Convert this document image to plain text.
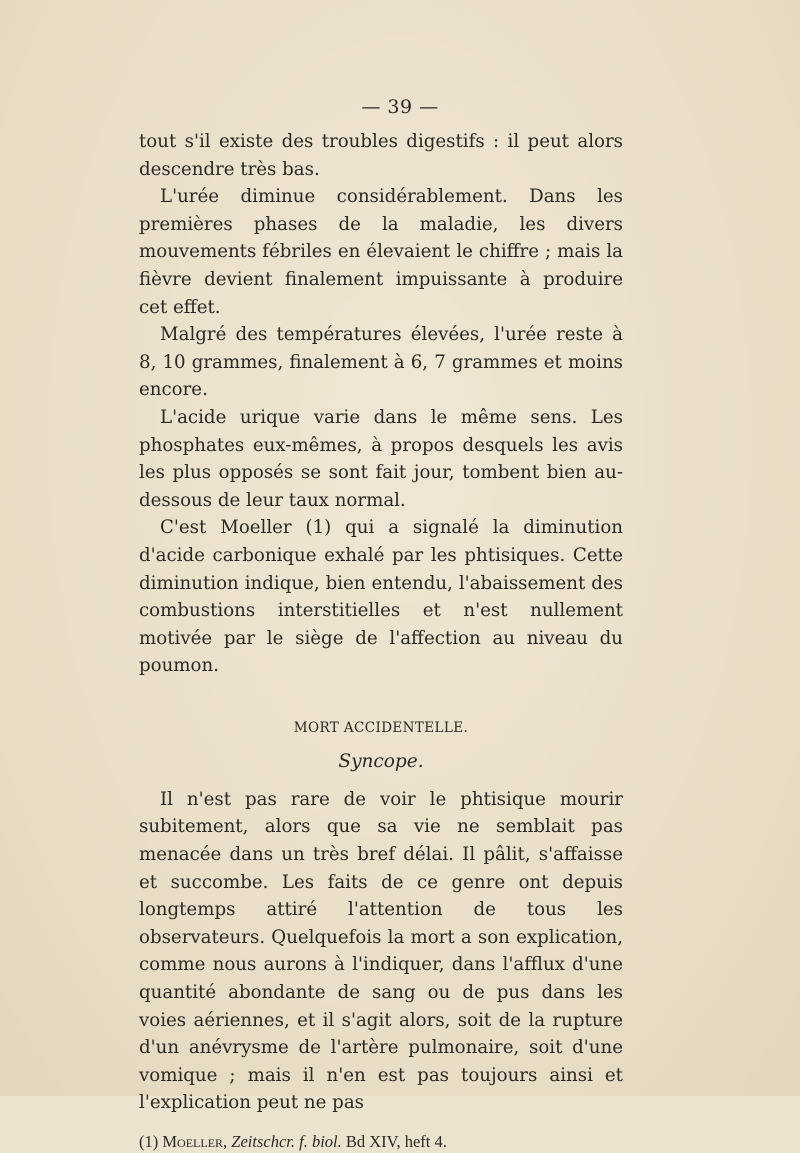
— 39 —

tout s'il existe des troubles digestifs : il peut alors descendre très bas.

L'urée diminue considérablement. Dans les premières phases de la maladie, les divers mouvements fébriles en élevaient le chiffre ; mais la fièvre devient finalement impuissante à produire cet effet.

Malgré des températures élevées, l'urée reste à 8, 10 grammes, finalement à 6, 7 grammes et moins encore.

L'acide urique varie dans le même sens. Les phosphates eux-mêmes, à propos desquels les avis les plus opposés se sont fait jour, tombent bien au-dessous de leur taux normal.

C'est Moeller (1) qui a signalé la diminution d'acide carbonique exhalé par les phtisiques. Cette diminution indique, bien entendu, l'abaissement des combustions interstitielles et n'est nullement motivée par le siège de l'affection au niveau du poumon.

MORT ACCIDENTELLE.
Syncope.

Il n'est pas rare de voir le phtisique mourir subitement, alors que sa vie ne semblait pas menacée dans un très bref délai. Il pâlit, s'affaisse et succombe. Les faits de ce genre ont depuis longtemps attiré l'attention de tous les observateurs. Quelquefois la mort a son explication, comme nous aurons à l'indiquer, dans l'afflux d'une quantité abondante de sang ou de pus dans les voies aériennes, et il s'agit alors, soit de la rupture d'un anévrysme de l'artère pulmonaire, soit d'une vomique ; mais il n'en est pas toujours ainsi et l'explication peut ne pas

(1) Moeller, Zeitschcr. f. biol. Bd XIV, heft 4.
